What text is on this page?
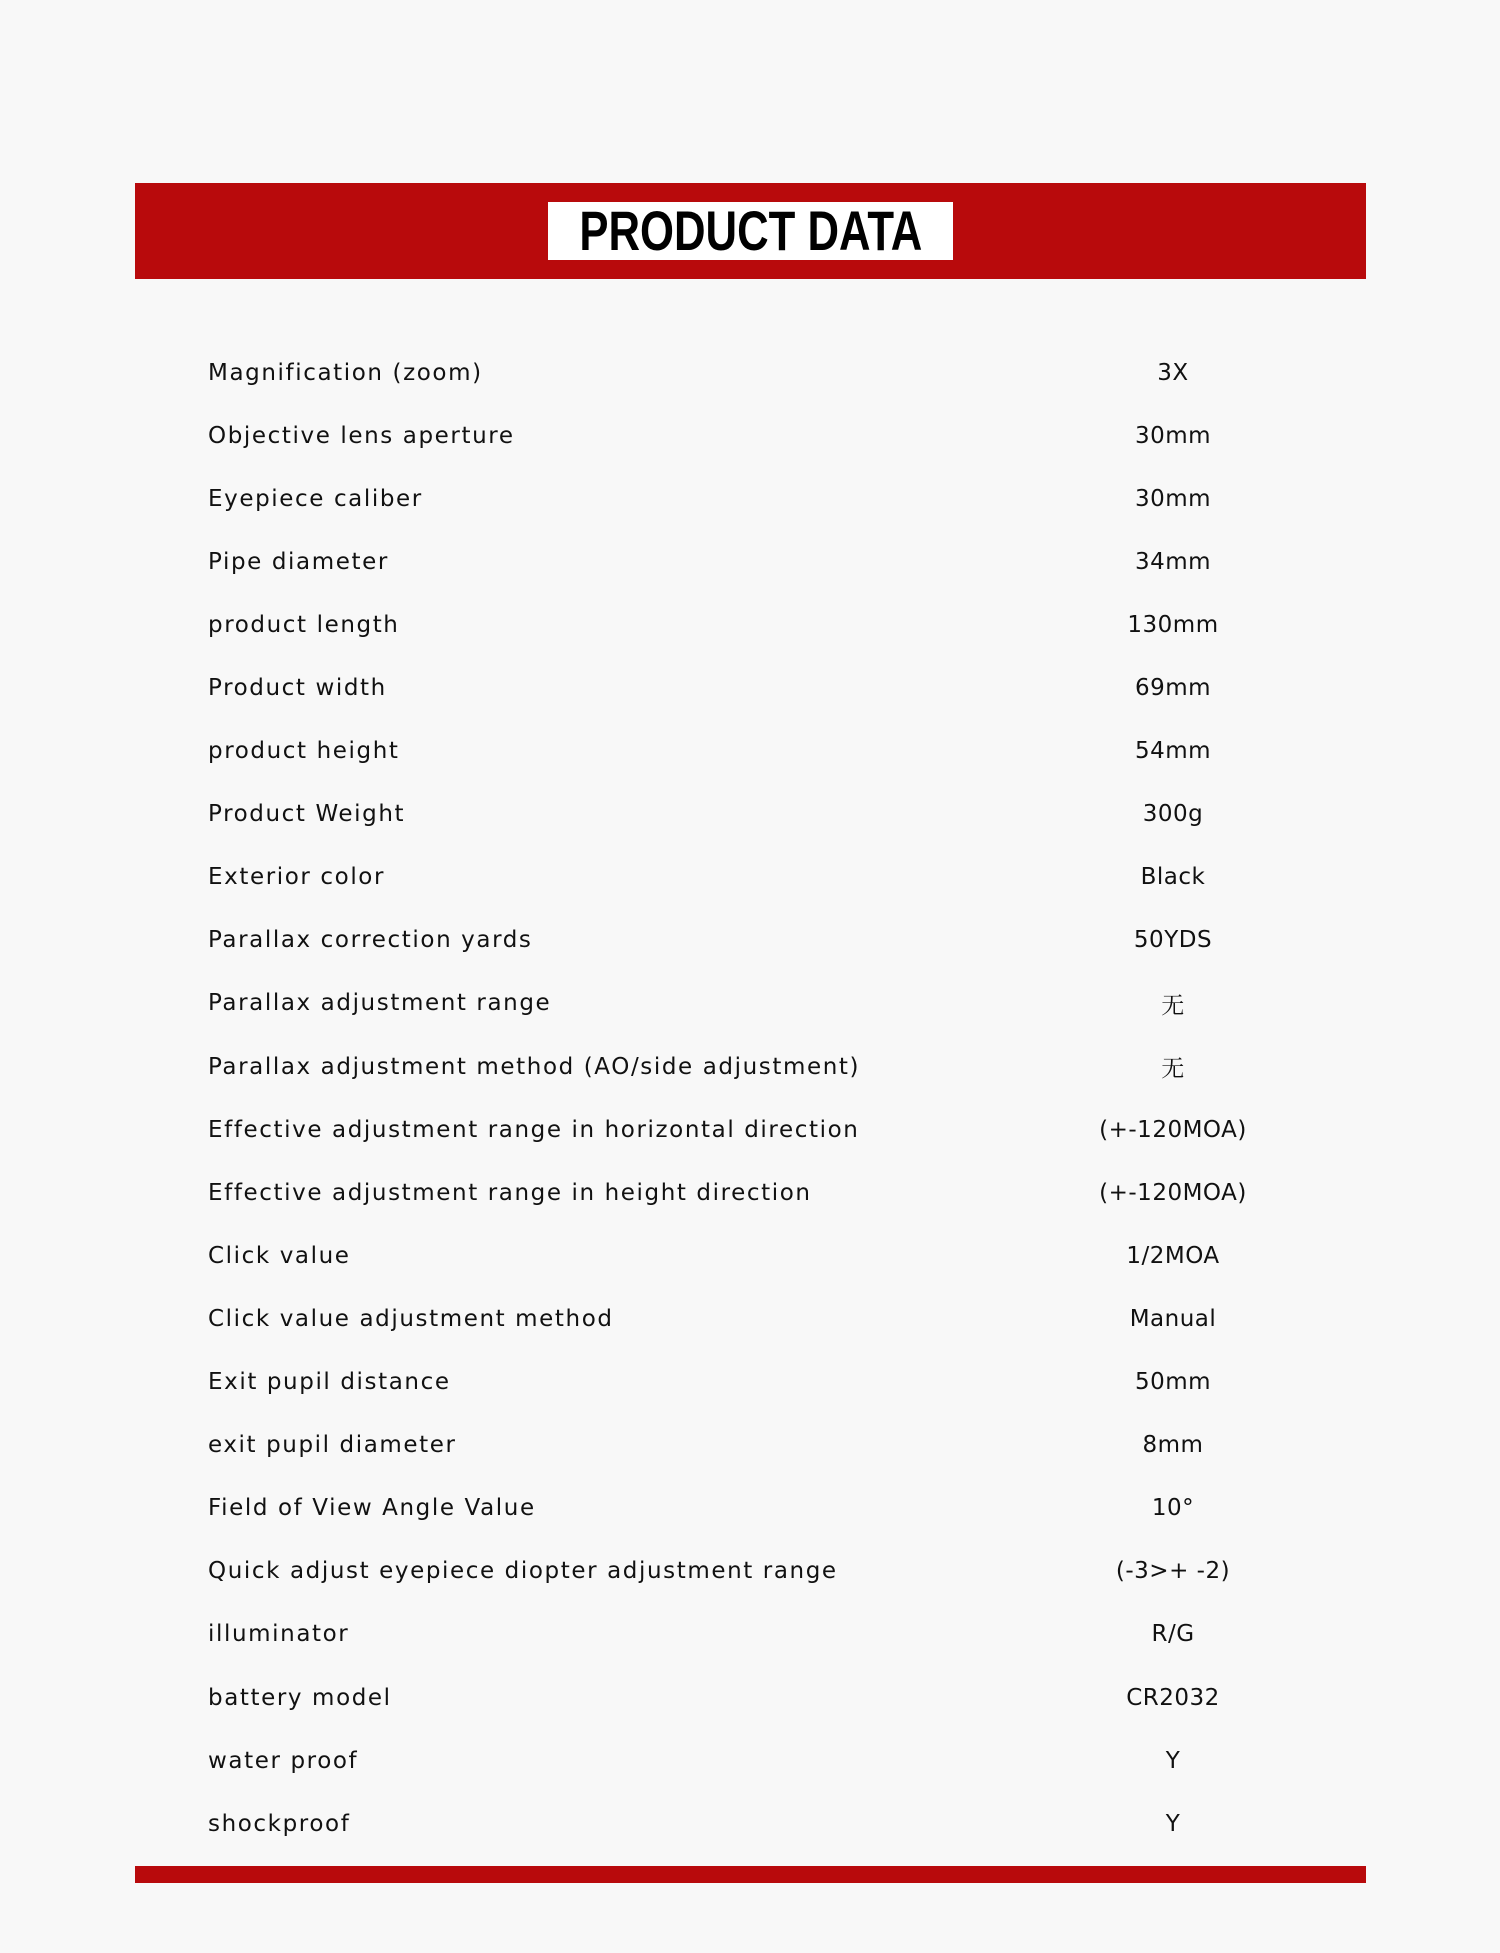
PRODUCT DATA
Magnification (zoom)	3X
Objective lens aperture	30mm
Eyepiece caliber	30mm
Pipe diameter	34mm
product length	130mm
Product width	69mm
product height	54mm
Product Weight	300g
Exterior color	Black
Parallax correction yards	50YDS
Parallax adjustment range	无
Parallax adjustment method (AO/side adjustment)	无
Effective adjustment range in horizontal direction	(+-120MOA)
Effective adjustment range in height direction	(+-120MOA)
Click value	1/2MOA
Click value adjustment method	Manual
Exit pupil distance	50mm
exit pupil diameter	8mm
Field of View Angle Value	10°
Quick adjust eyepiece diopter adjustment range	(-3>+ -2)
illuminator	R/G
battery model	CR2032
water proof	Y
shockproof	Y
